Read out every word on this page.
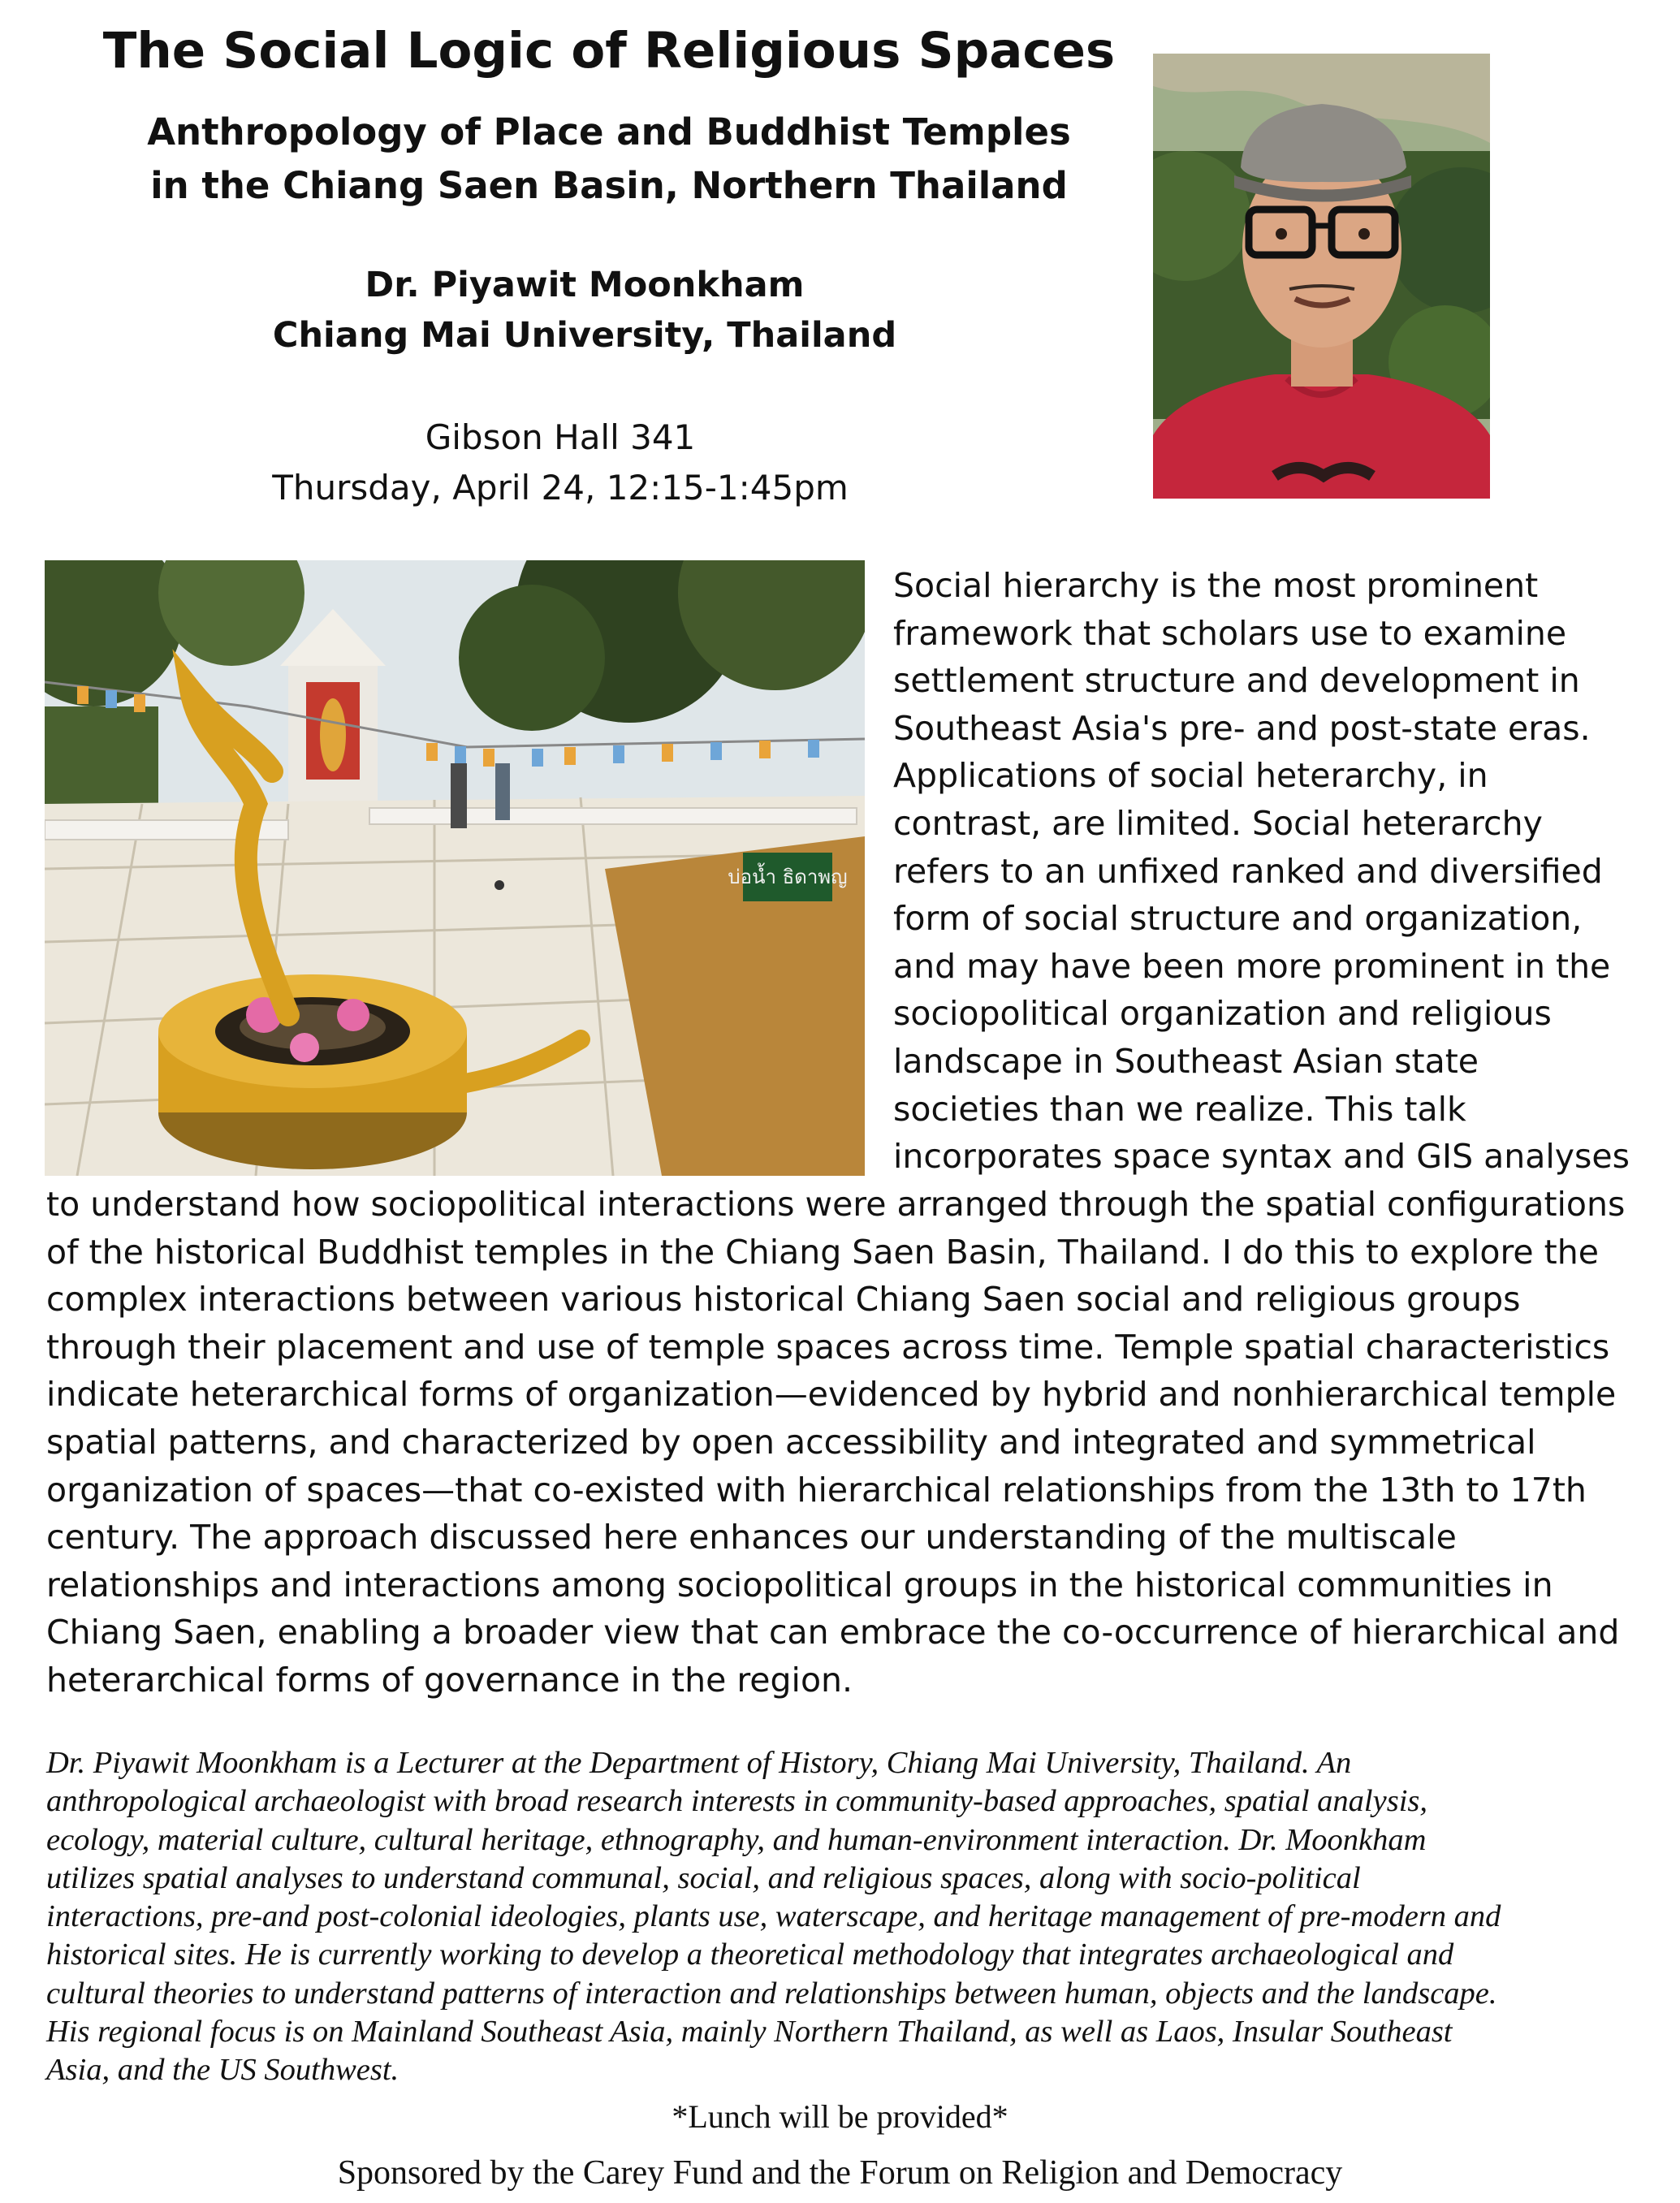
The Social Logic of Religious Spaces
Anthropology of Place and Buddhist Temples
in the Chiang Saen Basin, Northern Thailand
Dr. Piyawit Moonkham
Chiang Mai University, Thailand
Gibson Hall 341
Thursday, April 24, 12:15-1:45pm
บ่อน้ำ ธิดาพญ
Social hierarchy is the most prominent
framework that scholars use to examine
settlement structure and development in
Southeast Asia's pre- and post-state eras.
Applications of social heterarchy, in
contrast, are limited. Social heterarchy
refers to an unfixed ranked and diversified
form of social structure and organization,
and may have been more prominent in the
sociopolitical organization and religious
landscape in Southeast Asian state
societies than we realize. This talk
incorporates space syntax and GIS analyses
to understand how sociopolitical interactions were arranged through the spatial configurations
of the historical Buddhist temples in the Chiang Saen Basin, Thailand. I do this to explore the
complex interactions between various historical Chiang Saen social and religious groups
through their placement and use of temple spaces across time. Temple spatial characteristics
indicate heterarchical forms of organization—evidenced by hybrid and nonhierarchical temple
spatial patterns, and characterized by open accessibility and integrated and symmetrical
organization of spaces—that co-existed with hierarchical relationships from the 13th to 17th
century. The approach discussed here enhances our understanding of the multiscale
relationships and interactions among sociopolitical groups in the historical communities in
Chiang Saen, enabling a broader view that can embrace the co-occurrence of hierarchical and
heterarchical forms of governance in the region.
Dr. Piyawit Moonkham is a Lecturer at the Department of History, Chiang Mai University, Thailand. An
anthropological archaeologist with broad research interests in community-based approaches, spatial analysis,
ecology, material culture, cultural heritage, ethnography, and human-environment interaction. Dr. Moonkham
utilizes spatial analyses to understand communal, social, and religious spaces, along with socio-political
interactions, pre-and post-colonial ideologies, plants use, waterscape, and heritage management of pre-modern and
historical sites. He is currently working to develop a theoretical methodology that integrates archaeological and
cultural theories to understand patterns of interaction and relationships between human, objects and the landscape.
His regional focus is on Mainland Southeast Asia, mainly Northern Thailand, as well as Laos, Insular Southeast
Asia, and the US Southwest.
*Lunch will be provided*
Sponsored by the Carey Fund and the Forum on Religion and Democracy
